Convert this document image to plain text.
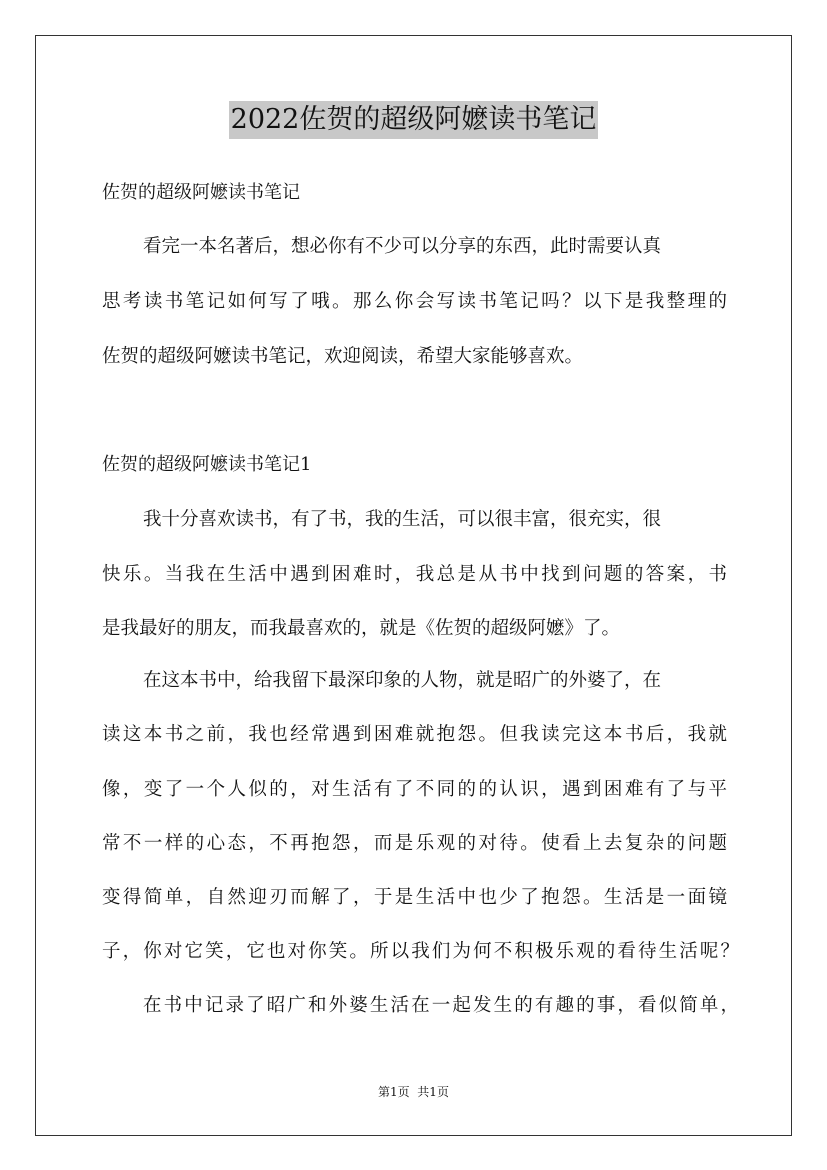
2022佐贺的超级阿嬷读书笔记
佐贺的超级阿嬷读书笔记
看完一本名著后，想必你有不少可以分享的东西，此时需要认真
思考读书笔记如何写了哦。那么你会写读书笔记吗？以下是我整理的
佐贺的超级阿嬷读书笔记，欢迎阅读，希望大家能够喜欢。
佐贺的超级阿嬷读书笔记1
我十分喜欢读书，有了书，我的生活，可以很丰富，很充实，很
快乐。当我在生活中遇到困难时，我总是从书中找到问题的答案，书
是我最好的朋友，而我最喜欢的，就是《佐贺的超级阿嬷》了。
在这本书中，给我留下最深印象的人物，就是昭广的外婆了，在
读这本书之前，我也经常遇到困难就抱怨。但我读完这本书后，我就
像，变了一个人似的，对生活有了不同的的认识，遇到困难有了与平
常不一样的心态，不再抱怨，而是乐观的对待。使看上去复杂的问题
变得简单，自然迎刃而解了，于是生活中也少了抱怨。生活是一面镜
子，你对它笑，它也对你笑。所以我们为何不积极乐观的看待生活呢？
在书中记录了昭广和外婆生活在一起发生的有趣的事，看似简单，
第1页  共1页
